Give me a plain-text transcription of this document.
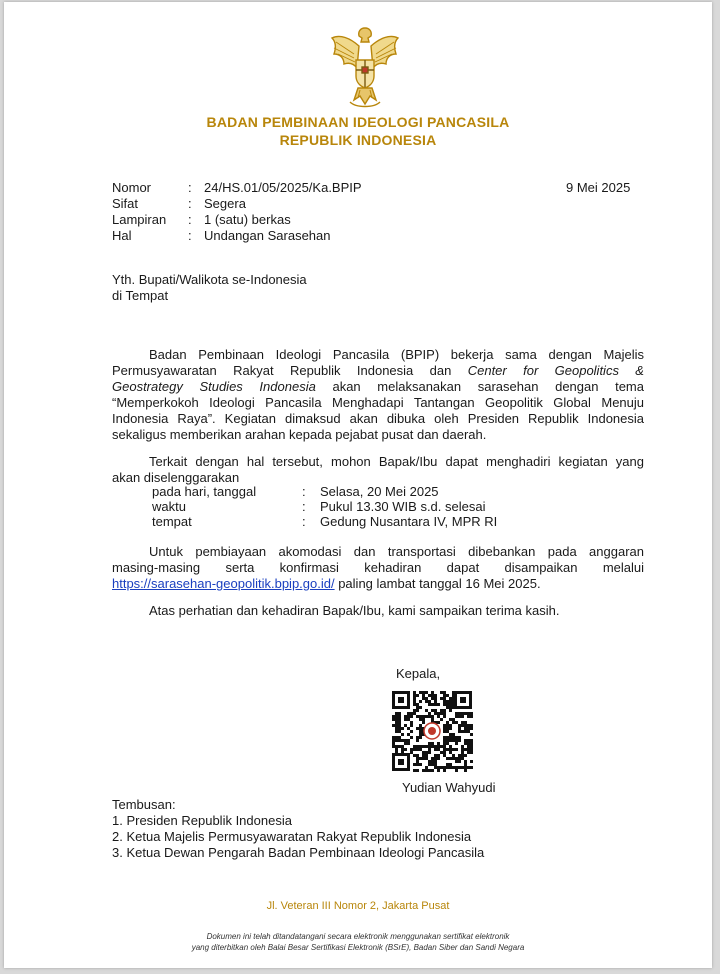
BADAN PEMBINAAN IDEOLOGI PANCASILA
REPUBLIK INDONESIA
Nomor	: 24/HS.01/05/2025/Ka.BPIP	9 Mei 2025
Sifat	: Segera
Lampiran	: 1 (satu) berkas
Hal	: Undangan Sarasehan
Yth. Bupati/Walikota se-Indonesia
di Tempat
Badan Pembinaan Ideologi Pancasila (BPIP) bekerja sama dengan Majelis
Permusyawaratan Rakyat Republik Indonesia dan Center for Geopolitics &
Geostrategy Studies Indonesia akan melaksanakan sarasehan dengan tema
“Memperkokoh Ideologi Pancasila Menghadapi Tantangan Geopolitik Global Menuju
Indonesia Raya”. Kegiatan dimaksud akan dibuka oleh Presiden Republik Indonesia
sekaligus memberikan arahan kepada pejabat pusat dan daerah.
Terkait dengan hal tersebut, mohon Bapak/Ibu dapat menghadiri kegiatan yang
akan diselenggarakan
pada hari, tanggal	: Selasa, 20 Mei 2025
waktu	: Pukul 13.30 WIB s.d. selesai
tempat	: Gedung Nusantara IV, MPR RI
Untuk pembiayaan akomodasi dan transportasi dibebankan pada anggaran
masing-masing serta konfirmasi kehadiran dapat disampaikan melalui
https://sarasehan-geopolitik.bpip.go.id/ paling lambat tanggal 16 Mei 2025.
Atas perhatian dan kehadiran Bapak/Ibu, kami sampaikan terima kasih.
Kepala,
Yudian Wahyudi
Tembusan:
1. Presiden Republik Indonesia
2. Ketua Majelis Permusyawaratan Rakyat Republik Indonesia
3. Ketua Dewan Pengarah Badan Pembinaan Ideologi Pancasila
Jl. Veteran III Nomor 2, Jakarta Pusat
Dokumen ini telah ditandatangani secara elektronik menggunakan sertifikat elektronik
yang diterbitkan oleh Balai Besar Sertifikasi Elektronik (BSrE), Badan Siber dan Sandi Negara
